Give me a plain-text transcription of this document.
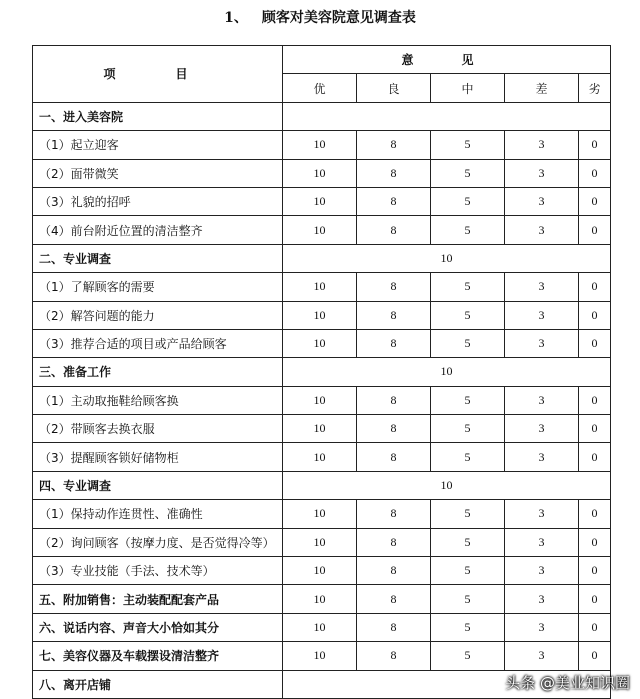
1、 顾客对美容院意见调查表
项　目	意　见				
	优	良	中	差	劣
一、进入美容院					
（1）起立迎客	10	8	5	3	0
（2）面带微笑	10	8	5	3	0
（3）礼貌的招呼	10	8	5	3	0
（4）前台附近位置的清洁整齐	10	8	5	3	0
二、专业调查	10				
（1）了解顾客的需要	10	8	5	3	0
（2）解答问题的能力	10	8	5	3	0
（3）推荐合适的项目或产品给顾客	10	8	5	3	0
三、准备工作	10				
（1）主动取拖鞋给顾客换	10	8	5	3	0
（2）带顾客去换衣服	10	8	5	3	0
（3）提醒顾客锁好储物柜	10	8	5	3	0
四、专业调查	10				
（1）保持动作连贯性、准确性	10	8	5	3	0
（2）询问顾客（按摩力度、是否觉得冷等）	10	8	5	3	0
（3）专业技能（手法、技术等）	10	8	5	3	0
五、附加销售：主动装配配套产品	10	8	5	3	0
六、说话内容、声音大小恰如其分	10	8	5	3	0
七、美容仪器及车载摆设清洁整齐	10	8	5	3	0
八、离开店铺						头条 @美业知识圈
